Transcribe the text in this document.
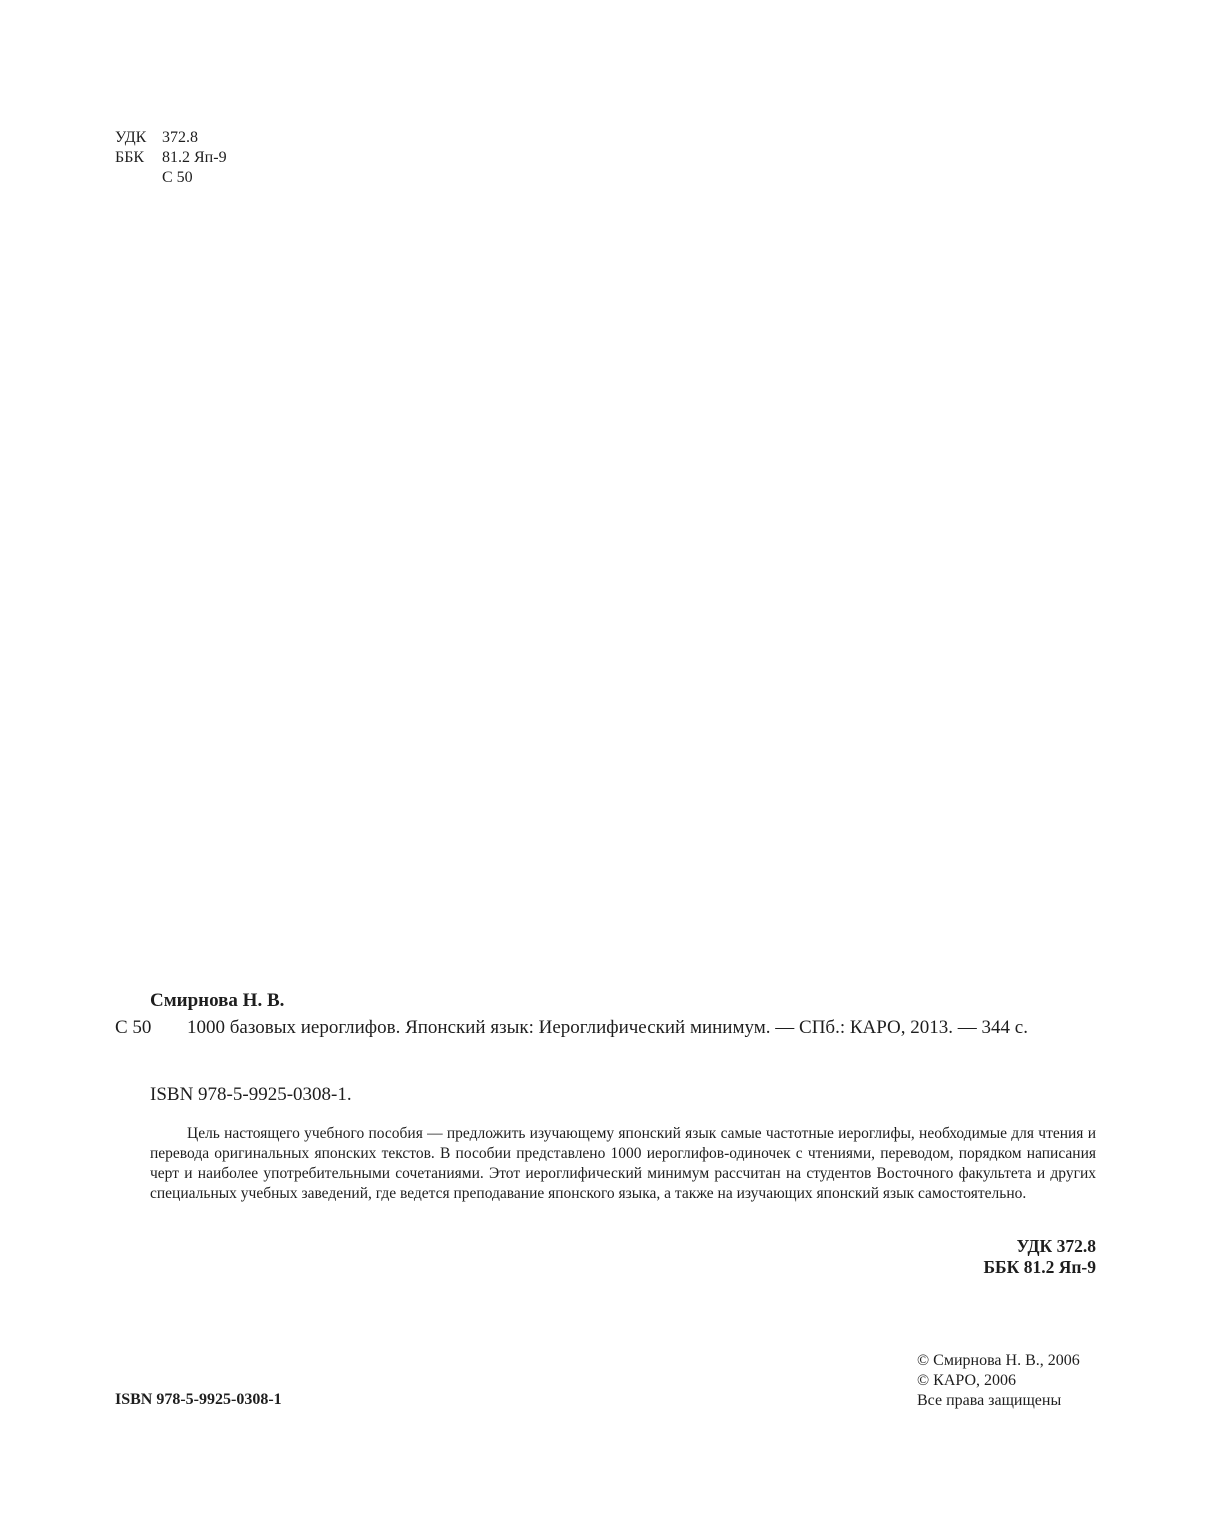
УДК 372.8
ББК	81.2 Яп-9
С 50
Смирнова Н. В.
С 50	1000 базовых иероглифов. Японский язык: Иероглифический минимум. — СПб.: КАРО, 2013. — 344 с.
ISBN 978-5-9925-0308-1.
Цель настоящего учебного пособия — предложить изучающему японский язык самые частотные иероглифы, необходимые для чтения и перевода оригинальных японских текстов. В пособии представлено 1000 иероглифов-одиночек с чтениями, переводом, порядком написания черт и наиболее употребительными сочетаниями. Этот иероглифический минимум рассчитан на студентов Восточного факультета и других специальных учебных заведений, где ведется преподавание японского языка, а также на изучающих японский язык самостоятельно.
УДК 372.8
ББК 81.2 Яп-9
ISBN 978-5-9925-0308-1
© Смирнова Н. В., 2006
© КАРО, 2006
Все права защищены
